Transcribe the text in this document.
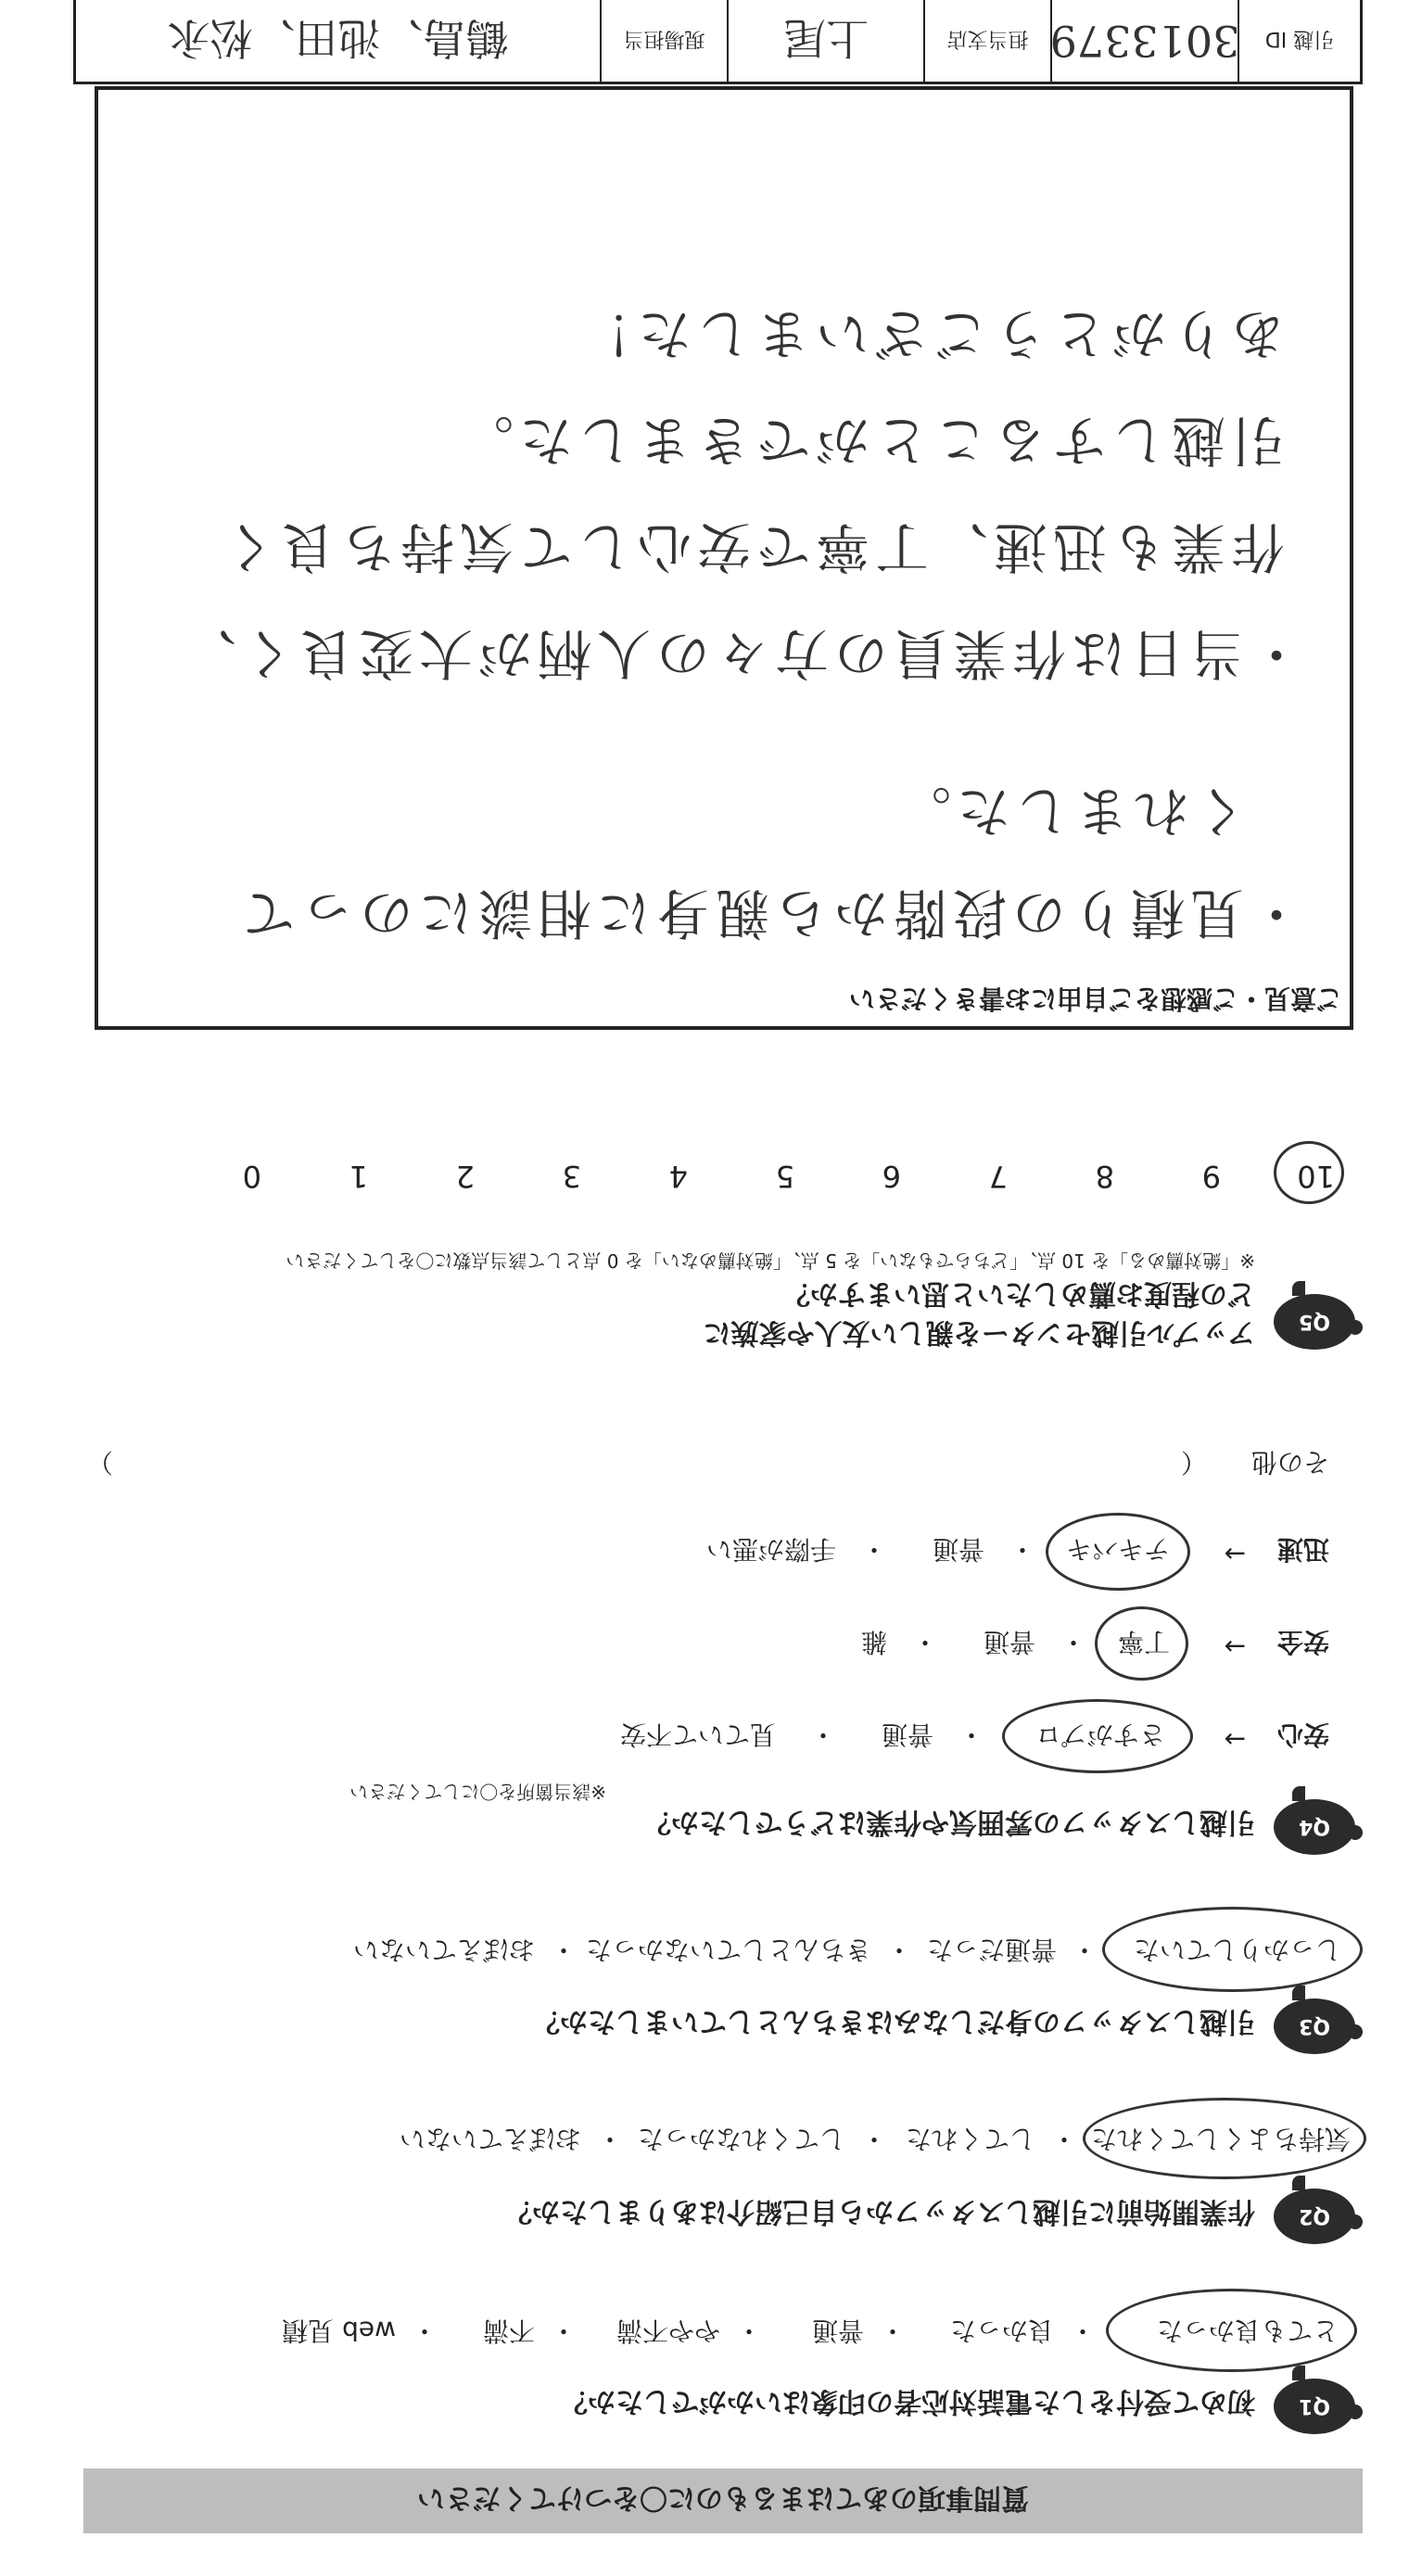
質問事項のあてはまるものに〇をつけてください
Q1
初めて受付をした電話対応者の印象はいかがでしたか？
とても良かった
・
良かった
・
普通
・
やや不満
・
不満
・
web 見積
Q2
作業開始前に引越しスタッフから自己紹介はありましたか？
気持ちよくしてくれた
・
してくれた
・
してくれなかった
・
おぼえていない
Q3
引越しスタッフの身だしなみはきちんとしていましたか？
しっかりしていた
・
普通だった
・
きちんとしていなかった
・
おぼえていない
Q4
引越しスタッフの雰囲気や作業はどうでしたか？
※該当箇所を〇にしてください
安心
→
さすがプロ
・
普通
・
見ていて不安
安全
→
丁寧
・
普通
・
雑
迅速
→
テキパキ
・
普通
・
手際が悪い
その他
（
）
Q5
アップル引越センターを親しい友人や家族に
どの程度お薦めしたいと思いますか？
※「絶対薦める」を 10 点、「どちらでもない」を 5 点、「絶対薦めない」を 0 点として該当点数に〇をしてください
10
9
8
7
6
5
4
3
2
1
0
ご意見・ご感想をご自由にお書きください
・見積りの段階から親身に相談にのって
くれました。
・当日は作業員の方々の人柄が大変良く、
作業も迅速、丁寧で安心して気持ち良く
引越しすることができました。
ありがとうございました！
引越 ID
3013379
担当支店
上尾
現場担当
鶴島、池田、松永
